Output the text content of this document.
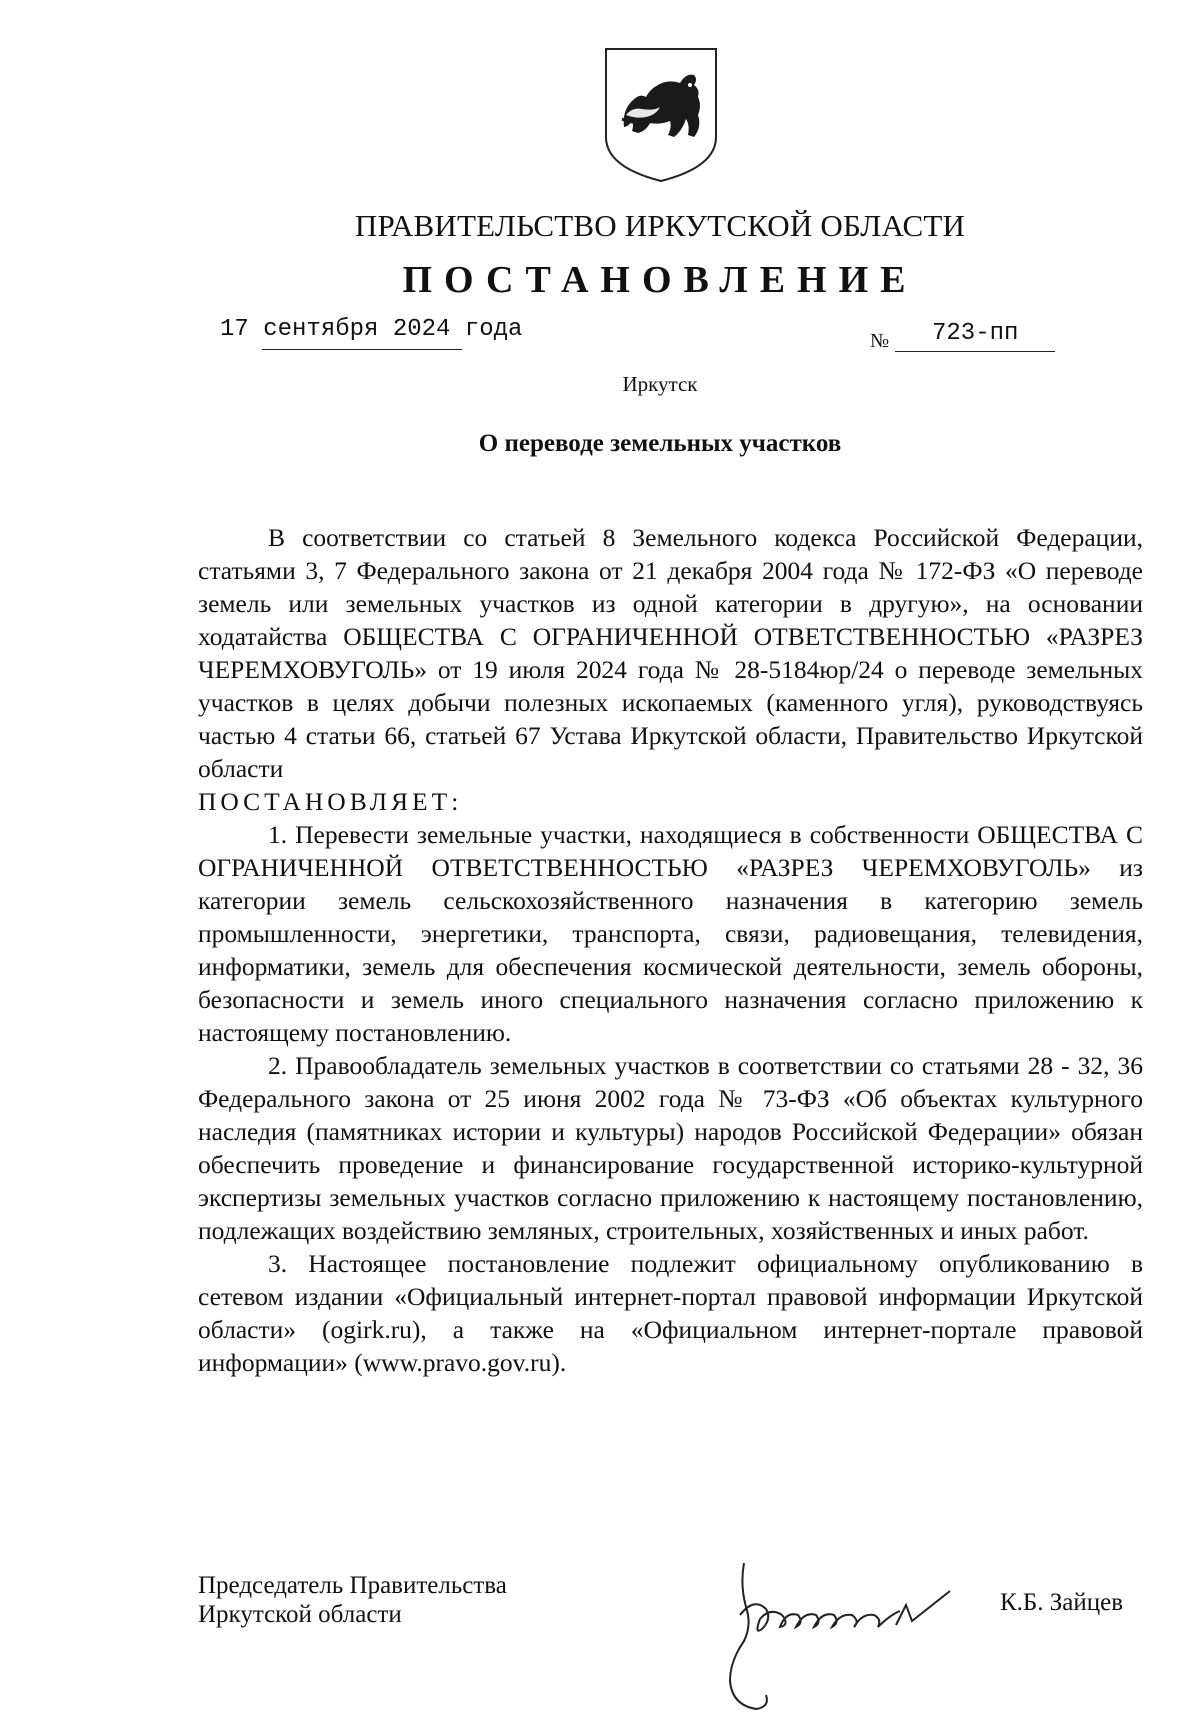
ПРАВИТЕЛЬСТВО ИРКУТСКОЙ ОБЛАСТИ
ПОСТАНОВЛЕНИЕ
17 сентября 2024 года	№ 723-пп
Иркутск
О переводе земельных участков

В соответствии со статьей 8 Земельного кодекса Российской Федерации, статьями 3, 7 Федерального закона от 21 декабря 2004 года № 172-ФЗ «О переводе земель или земельных участков из одной категории в другую», на основании ходатайства ОБЩЕСТВА С ОГРАНИЧЕННОЙ ОТВЕТСТВЕННОСТЬЮ «РАЗРЕЗ ЧЕРЕМХОВУГОЛЬ» от 19 июля 2024 года № 28-5184юр/24 о переводе земельных участков в целях добычи полезных ископаемых (каменного угля), руководствуясь частью 4 статьи 66, статьей 67 Устава Иркутской области, Правительство Иркутской области

ПОСТАНОВЛЯЕТ:

1. Перевести земельные участки, находящиеся в собственности ОБЩЕСТВА С ОГРАНИЧЕННОЙ ОТВЕТСТВЕННОСТЬЮ «РАЗРЕЗ ЧЕРЕМХОВУГОЛЬ» из категории земель сельскохозяйственного назначения в категорию земель промышленности, энергетики, транспорта, связи, радиовещания, телевидения, информатики, земель для обеспечения космической деятельности, земель обороны, безопасности и земель иного специального назначения согласно приложению к настоящему постановлению.

2. Правообладатель земельных участков в соответствии со статьями 28 - 32, 36 Федерального закона от 25 июня 2002 года № 73-ФЗ «Об объектах культурного наследия (памятниках истории и культуры) народов Российской Федерации» обязан обеспечить проведение и финансирование государственной историко-культурной экспертизы земельных участков согласно приложению к настоящему постановлению, подлежащих воздействию земляных, строительных, хозяйственных и иных работ.

3. Настоящее постановление подлежит официальному опубликованию в сетевом издании «Официальный интернет-портал правовой информации Иркутской области» (ogirk.ru), а также на «Официальном интернет-портале правовой информации» (www.pravo.gov.ru).

Председатель Правительства
Иркутской области	К.Б. Зайцев
